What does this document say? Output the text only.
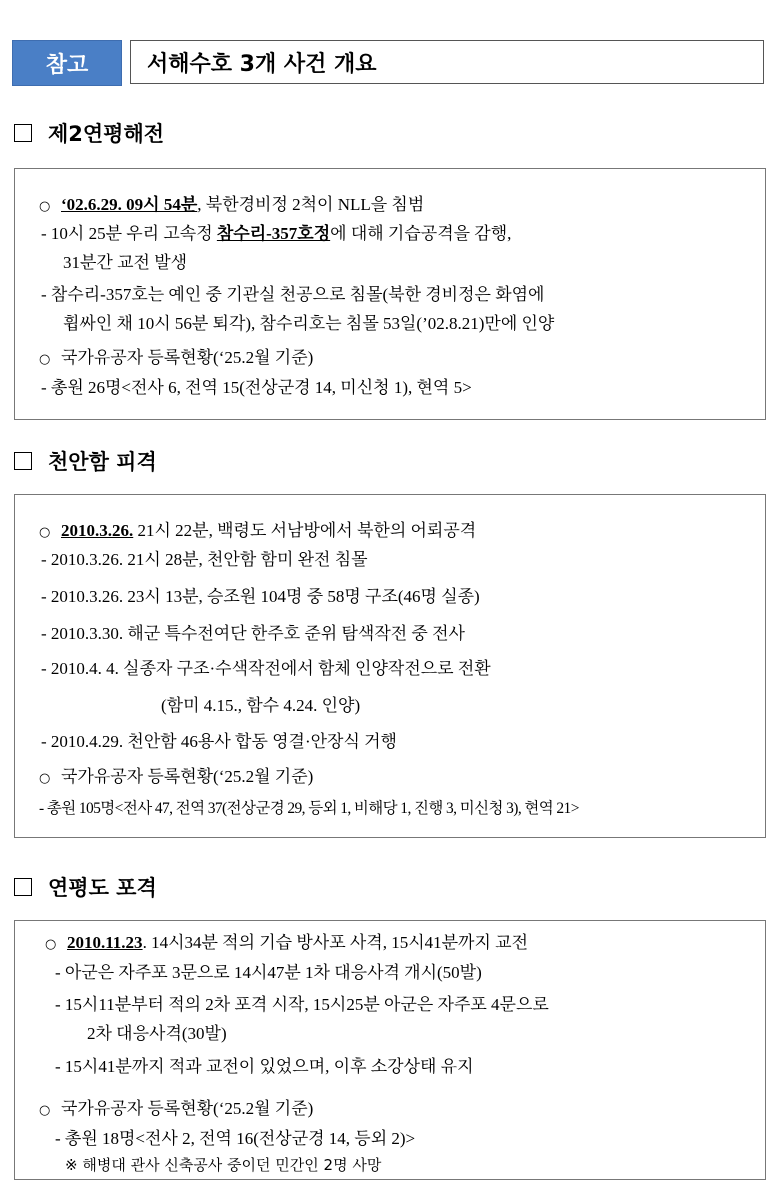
참고	서해수호 3개 사건 개요
제2연평해전
○ ‘02.6.29. 09시 54분, 북한경비정 2척이 NLL을 침범
- 10시 25분 우리 고속정 참수리-357호정에 대해 기습공격을 감행,
31분간 교전 발생
- 참수리-357호는 예인 중 기관실 천공으로 침몰(북한 경비정은 화염에
휩싸인 채 10시 56분 퇴각), 참수리호는 침몰 53일(’02.8.21)만에 인양
○ 국가유공자 등록현황(‘25.2월 기준)
- 총원 26명<전사 6, 전역 15(전상군경 14, 미신청 1), 현역 5>
천안함 피격
○ 2010.3.26. 21시 22분, 백령도 서남방에서 북한의 어뢰공격
- 2010.3.26. 21시 28분, 천안함 함미 완전 침몰
- 2010.3.26. 23시 13분, 승조원 104명 중 58명 구조(46명 실종)
- 2010.3.30. 해군 특수전여단 한주호 준위 탐색작전 중 전사
- 2010.4. 4. 실종자 구조·수색작전에서 함체 인양작전으로 전환
(함미 4.15., 함수 4.24. 인양)
- 2010.4.29. 천안함 46용사 합동 영결·안장식 거행
○ 국가유공자 등록현황(‘25.2월 기준)
- 총원 105명<전사 47, 전역 37(전상군경 29, 등외 1, 비해당 1, 진행 3, 미신청 3), 현역 21>
연평도 포격
○ 2010.11.23. 14시34분 적의 기습 방사포 사격, 15시41분까지 교전
- 아군은 자주포 3문으로 14시47분 1차 대응사격 개시(50발)
- 15시11분부터 적의 2차 포격 시작, 15시25분 아군은 자주포 4문으로
2차 대응사격(30발)
- 15시41분까지 적과 교전이 있었으며, 이후 소강상태 유지
○ 국가유공자 등록현황(‘25.2월 기준)
- 총원 18명<전사 2, 전역 16(전상군경 14, 등외 2)>
※ 해병대 관사 신축공사 중이던 민간인 2명 사망
